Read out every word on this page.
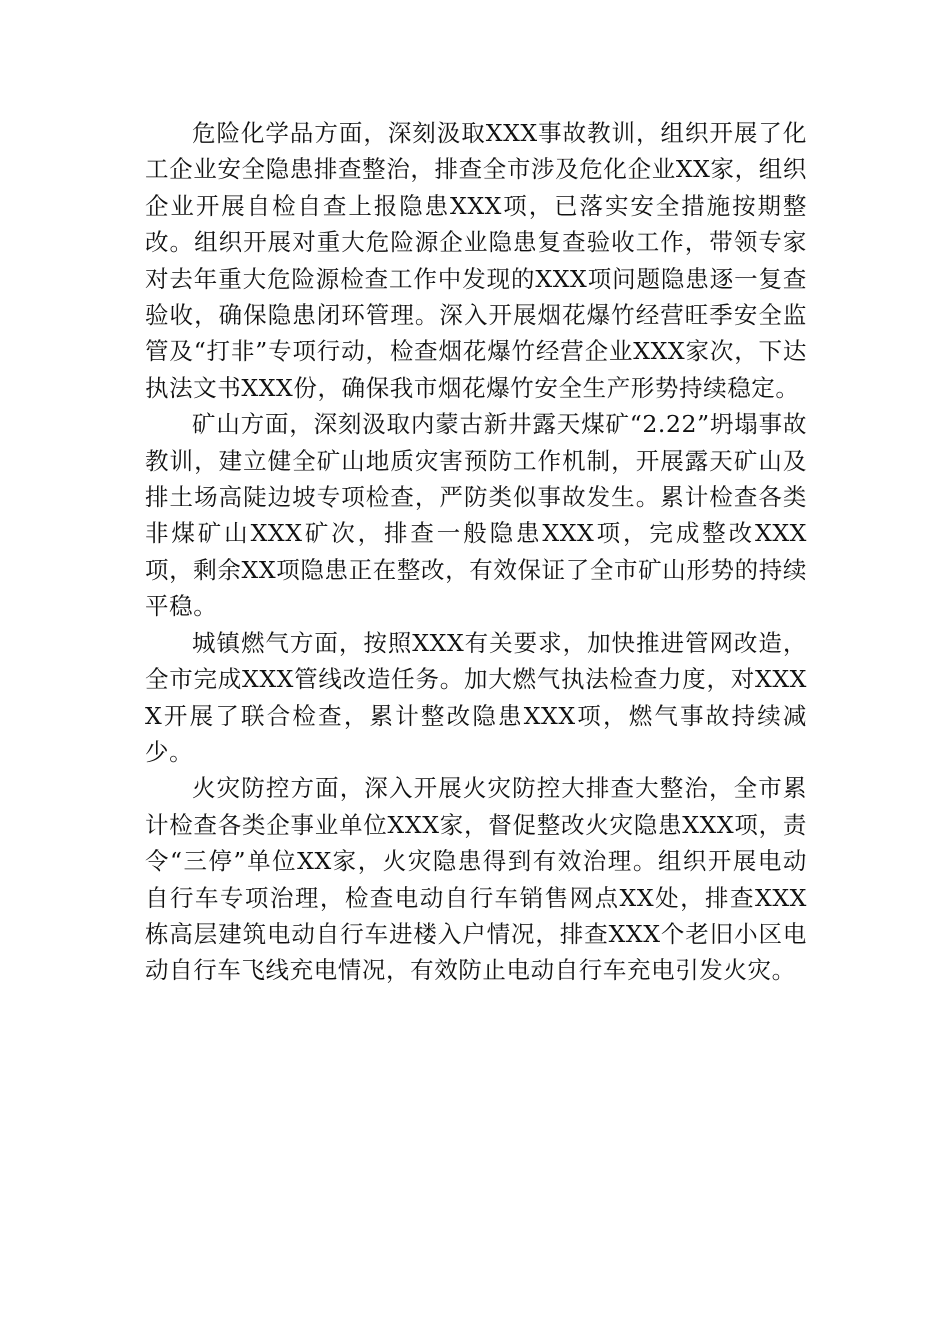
危险化学品方面，深刻汲取XXX事故教训，组织开展了化工企业安全隐患排查整治，排查全市涉及危化企业XX家，组织企业开展自检自查上报隐患XXX项，已落实安全措施按期整改。组织开展对重大危险源企业隐患复查验收工作，带领专家对去年重大危险源检查工作中发现的XXX项问题隐患逐一复查验收，确保隐患闭环管理。深入开展烟花爆竹经营旺季安全监管及“打非”专项行动，检查烟花爆竹经营企业XXX家次，下达执法文书XXX份，确保我市烟花爆竹安全生产形势持续稳定。

矿山方面，深刻汲取内蒙古新井露天煤矿“2.22”坍塌事故教训，建立健全矿山地质灾害预防工作机制，开展露天矿山及排土场高陡边坡专项检查，严防类似事故发生。累计检查各类非煤矿山XXX矿次，排查一般隐患XXX项，完成整改XXX项，剩余XX项隐患正在整改，有效保证了全市矿山形势的持续平稳。

城镇燃气方面，按照XXX有关要求，加快推进管网改造，全市完成XXX管线改造任务。加大燃气执法检查力度，对XXXX开展了联合检查，累计整改隐患XXX项，燃气事故持续减少。

火灾防控方面，深入开展火灾防控大排查大整治，全市累计检查各类企事业单位XXX家，督促整改火灾隐患XXX项，责令“三停”单位XX家，火灾隐患得到有效治理。组织开展电动自行车专项治理，检查电动自行车销售网点XX处，排查XXX栋高层建筑电动自行车进楼入户情况，排查XXX个老旧小区电动自行车飞线充电情况，有效防止电动自行车充电引发火灾。
